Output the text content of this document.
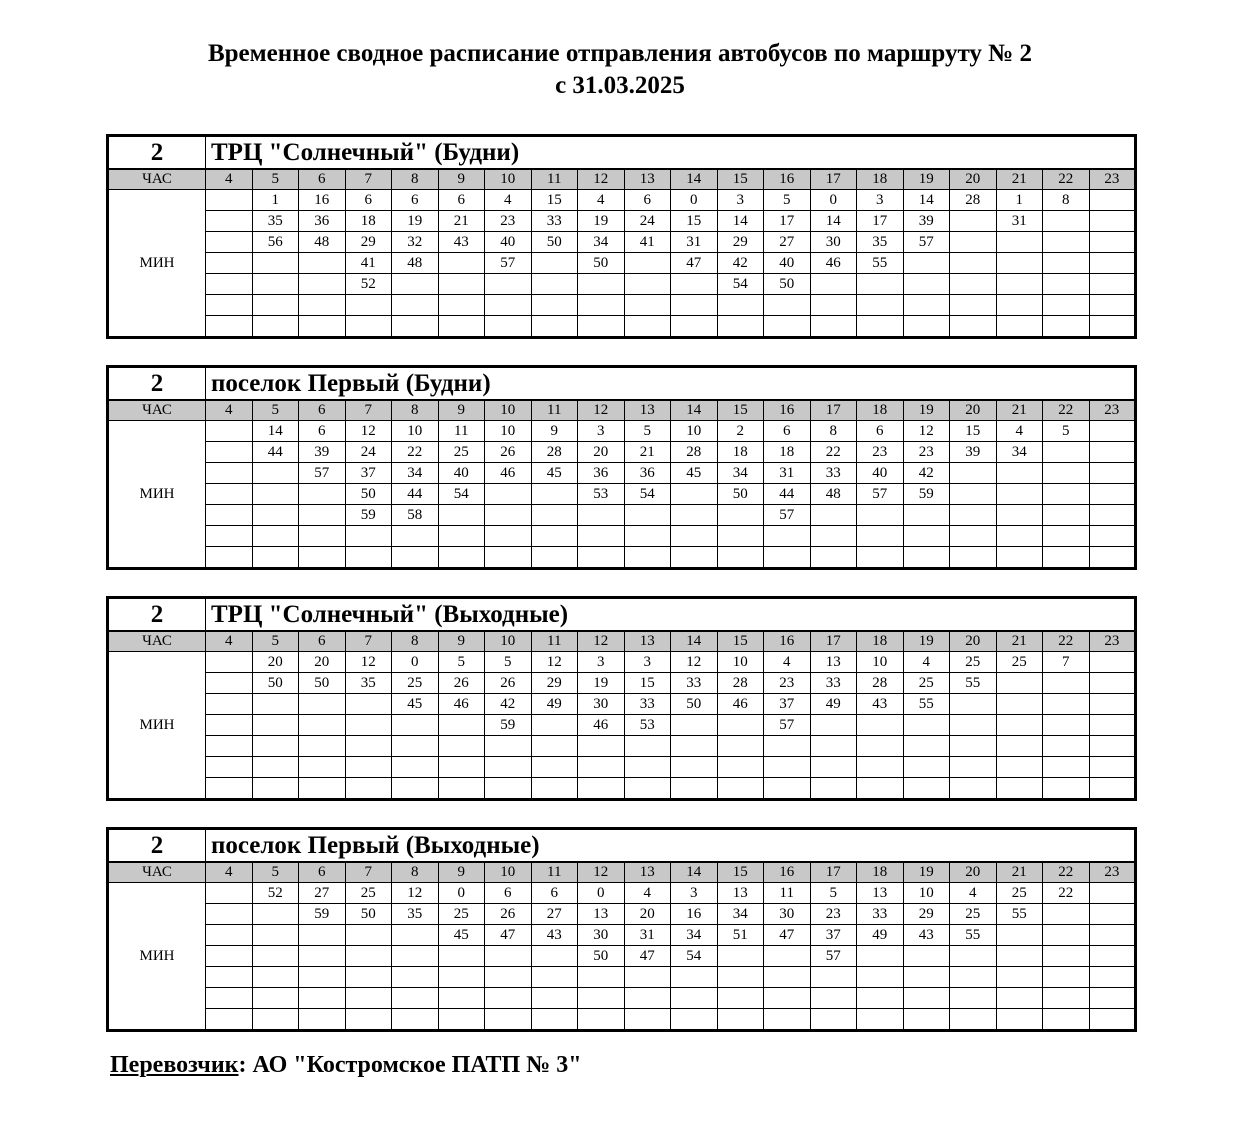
Временное сводное расписание отправления автобусов по маршруту № 2
с 31.03.2025
2	ТРЦ "Солнечный" (Будни)																			
ЧАС	4	5	6	7	8	9	10	11	12	13	14	15	16	17	18	19	20	21	22	23
МИН		1	16	6	6	6	4	15	4	6	0	3	5	0	3	14	28	1	8	
		35	36	18	19	21	23	33	19	24	15	14	17	14	17	39		31		
		56	48	29	32	43	40	50	34	41	31	29	27	30	35	57				
				41	48		57		50		47	42	40	46	55					
				52								54	50							

2	поселок Первый (Будни)																			
ЧАС	4	5	6	7	8	9	10	11	12	13	14	15	16	17	18	19	20	21	22	23
МИН		14	6	12	10	11	10	9	3	5	10	2	6	8	6	12	15	4	5	
		44	39	24	22	25	26	28	20	21	28	18	18	22	23	23	39	34		
			57	37	34	40	46	45	36	36	45	34	31	33	40	42				
				50	44	54			53	54		50	44	48	57	59				
				59	58								57							

2	ТРЦ "Солнечный" (Выходные)																			
ЧАС	4	5	6	7	8	9	10	11	12	13	14	15	16	17	18	19	20	21	22	23
МИН		20	20	12	0	5	5	12	3	3	12	10	4	13	10	4	25	25	7	
		50	50	35	25	26	26	29	19	15	33	28	23	33	28	25	55			
					45	46	42	49	30	33	50	46	37	49	43	55				
							59		46	53			57							

2	поселок Первый (Выходные)																			
ЧАС	4	5	6	7	8	9	10	11	12	13	14	15	16	17	18	19	20	21	22	23
МИН		52	27	25	12	0	6	6	0	4	3	13	11	5	13	10	4	25	22	
			59	50	35	25	26	27	13	20	16	34	30	23	33	29	25	55		
						45	47	43	30	31	34	51	47	37	49	43	55			
									50	47	54			57						

Перевозчик: АО "Костромское ПАТП № 3"
